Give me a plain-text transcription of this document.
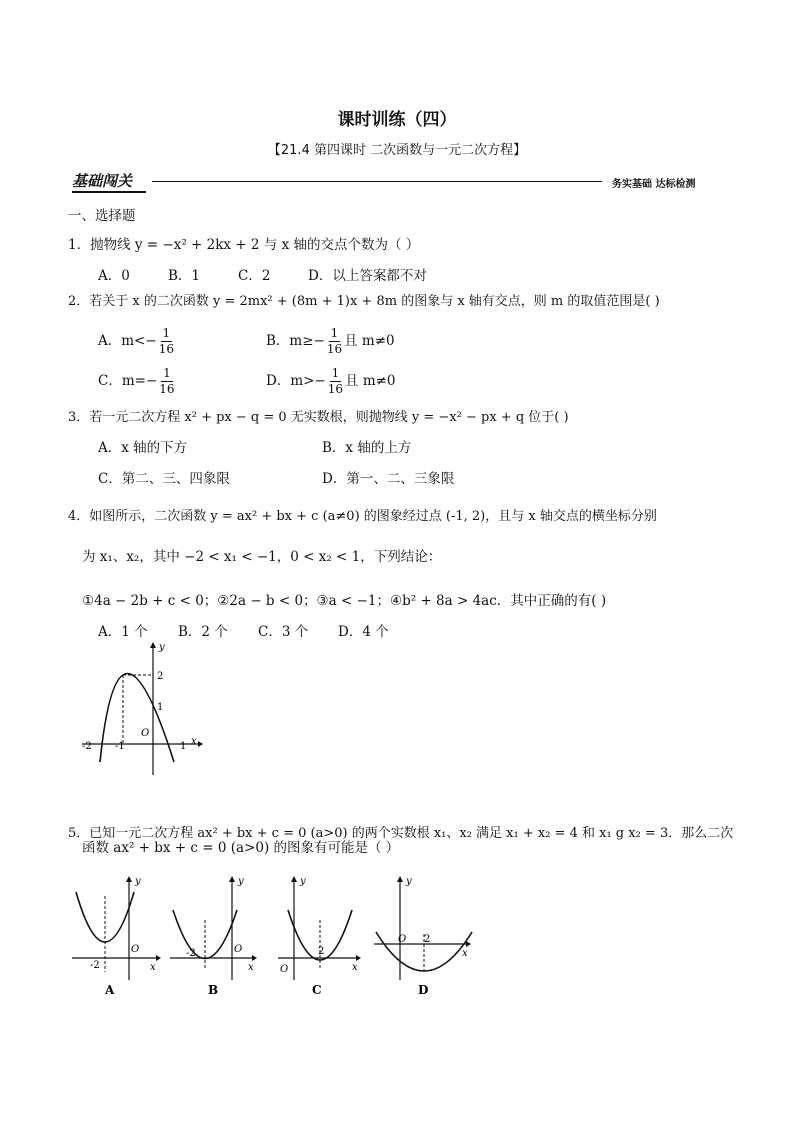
课时训练（四）
【21.4 第四课时 二次函数与一元二次方程】
基础闯关	务实基础 达标检测
一、选择题
1．抛物线 y = −x² + 2kx + 2 与 x 轴的交点个数为（ ）
A．0	B．1	C．2	D．以上答案都不对
2．若关于 x 的二次函数 y = 2mx² + (8m + 1)x + 8m 的图象与 x 轴有交点，则 m 的取值范围是( )
A．$m<- \frac{1}{16}$	B．$m\ge- \frac{1}{16}$ 且 m≠0
C．$m=- \frac{1}{16}$	D．$m>- \frac{1}{16}$ 且 m≠0
3．若一元二次方程 x² + px − q = 0 无实数根，则抛物线 y = −x² − px + q 位于( )
A．x 轴的下方	B．x 轴的上方
C．第二、三、四象限	D．第一、二、三象限
4．如图所示，二次函数 y = ax² + bx + c (a≠0) 的图象经过点 (-1, 2)，且与 x 轴交点的横坐标分别
为 x₁、x₂，其中 −2 < x₁ < −1，0 < x₂ < 1，下列结论：
①4a − 2b + c < 0；②2a − b < 0；③a < −1；④b² + 8a > 4ac．其中正确的有( )
A．1 个 B．2 个 C．3 个 D．4 个
y
x
O
-2 -1	1
2
1
5．已知一元二次方程 ax² + bx + c = 0 (a>0) 的两个实数根 x₁、x₂ 满足 x₁ + x₂ = 4 和 x₁ g x₂ = 3．那么二次
函数 ax² + bx + c = 0 (a>0) 的图象有可能是（ ）
y
x
O
-2
A
y
x
O
-2
B
y
x
O
2
C
y
x
O 2
D
